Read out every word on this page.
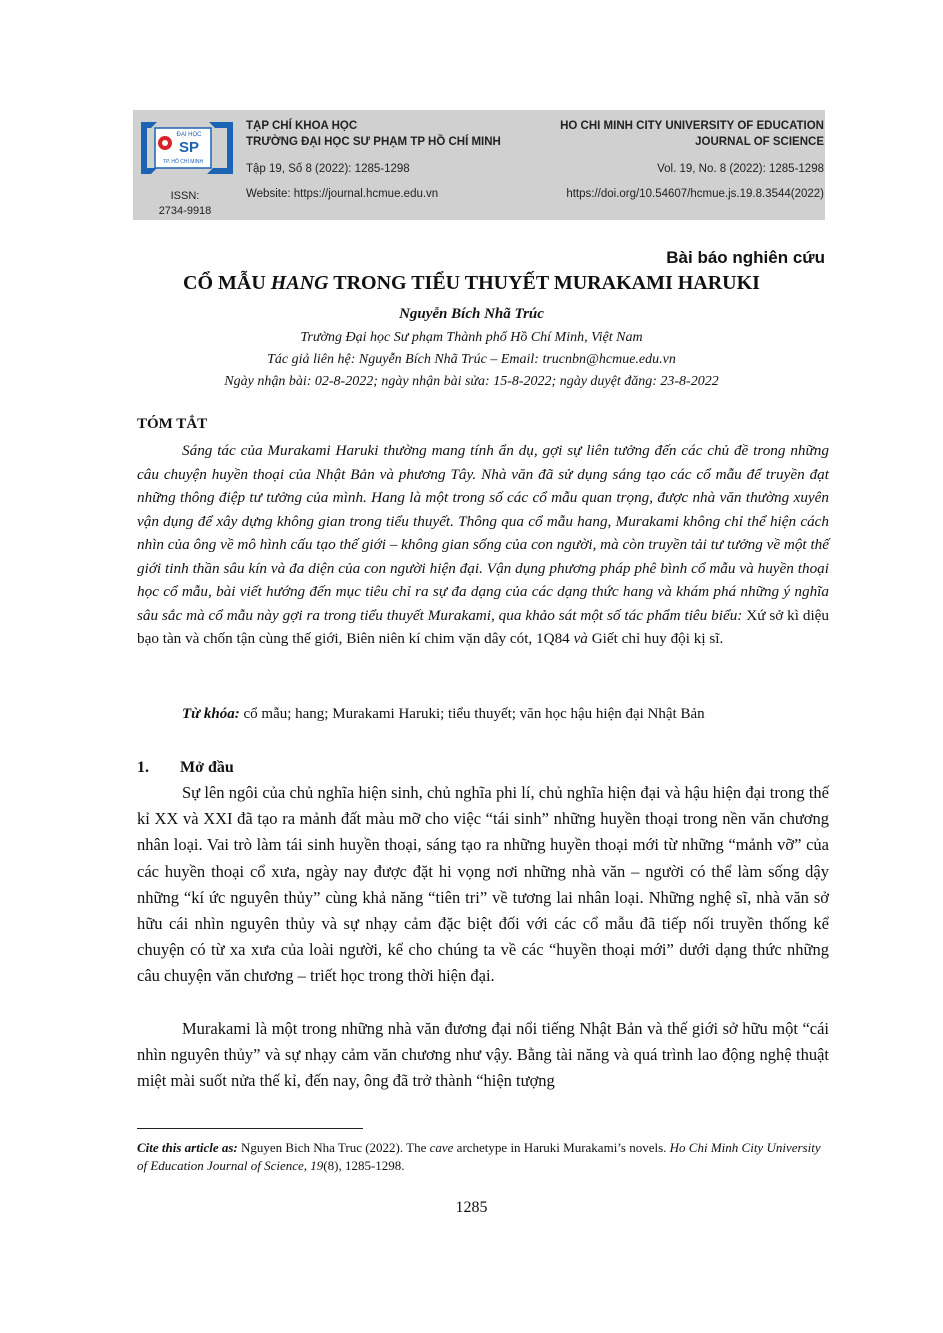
ĐẠI HỌC
SP
TP. HỒ CHÍ MINH
ISSN:
2734-9918
TẠP CHÍ KHOA HỌC
TRƯỜNG ĐẠI HỌC SƯ PHẠM TP HỒ CHÍ MINH
Tập 19, Số 8 (2022): 1285-1298
Website: https://journal.hcmue.edu.vn
HO CHI MINH CITY UNIVERSITY OF EDUCATION
JOURNAL OF SCIENCE
Vol. 19, No. 8 (2022): 1285-1298
https://doi.org/10.54607/hcmue.js.19.8.3544(2022)
Bài báo nghiên cứu
CỔ MẪU HANG TRONG TIỂU THUYẾT MURAKAMI HARUKI
Nguyễn Bích Nhã Trúc
Trường Đại học Sư phạm Thành phố Hồ Chí Minh, Việt Nam
Tác giả liên hệ: Nguyễn Bích Nhã Trúc – Email: trucnbn@hcmue.edu.vn
Ngày nhận bài: 02-8-2022; ngày nhận bài sửa: 15-8-2022; ngày duyệt đăng: 23-8-2022
TÓM TẮT

Sáng tác của Murakami Haruki thường mang tính ẩn dụ, gợi sự liên tưởng đến các chủ đề trong những câu chuyện huyền thoại của Nhật Bản và phương Tây. Nhà văn đã sử dụng sáng tạo các cổ mẫu để truyền đạt những thông điệp tư tưởng của mình. Hang là một trong số các cổ mẫu quan trọng, được nhà văn thường xuyên vận dụng để xây dựng không gian trong tiểu thuyết. Thông qua cổ mẫu hang, Murakami không chỉ thể hiện cách nhìn của ông về mô hình cấu tạo thế giới – không gian sống của con người, mà còn truyền tải tư tưởng về một thế giới tinh thần sâu kín và đa diện của con người hiện đại. Vận dụng phương pháp phê bình cổ mẫu và huyền thoại học cổ mẫu, bài viết hướng đến mục tiêu chỉ ra sự đa dạng của các dạng thức hang và khám phá những ý nghĩa sâu sắc mà cổ mẫu này gợi ra trong tiểu thuyết Murakami, qua khảo sát một số tác phẩm tiêu biểu: Xứ sở kì diệu bạo tàn và chốn tận cùng thế giới, Biên niên kí chim vặn dây cót, 1Q84 và Giết chỉ huy đội kị sĩ.

Từ khóa: cổ mẫu; hang; Murakami Haruki; tiểu thuyết; văn học hậu hiện đại Nhật Bản
1. Mở đầu

Sự lên ngôi của chủ nghĩa hiện sinh, chủ nghĩa phi lí, chủ nghĩa hiện đại và hậu hiện đại trong thế kỉ XX và XXI đã tạo ra mảnh đất màu mỡ cho việc “tái sinh” những huyền thoại trong nền văn chương nhân loại. Vai trò làm tái sinh huyền thoại, sáng tạo ra những huyền thoại mới từ những “mảnh vỡ” của các huyền thoại cổ xưa, ngày nay được đặt hi vọng nơi những nhà văn – người có thể làm sống dậy những “kí ức nguyên thủy” cùng khả năng “tiên tri” về tương lai nhân loại. Những nghệ sĩ, nhà văn sở hữu cái nhìn nguyên thủy và sự nhạy cảm đặc biệt đối với các cổ mẫu đã tiếp nối truyền thống kể chuyện có từ xa xưa của loài người, kể cho chúng ta về các “huyền thoại mới” dưới dạng thức những câu chuyện văn chương – triết học trong thời hiện đại.

Murakami là một trong những nhà văn đương đại nổi tiếng Nhật Bản và thế giới sở hữu một “cái nhìn nguyên thủy” và sự nhạy cảm văn chương như vậy. Bằng tài năng và quá trình lao động nghệ thuật miệt mài suốt nửa thế kỉ, đến nay, ông đã trở thành “hiện tượng

Cite this article as: Nguyen Bich Nha Truc (2022). The cave archetype in Haruki Murakami’s novels. Ho Chi Minh City University of Education Journal of Science, 19(8), 1285-1298.

1285
